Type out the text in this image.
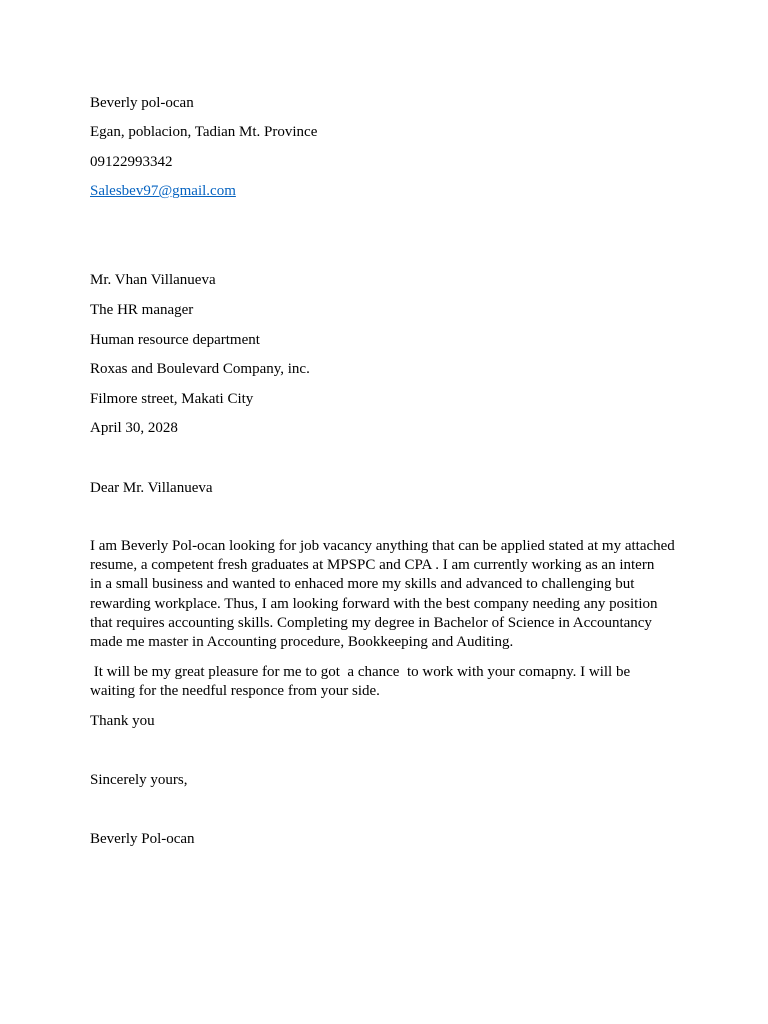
Beverly pol-ocan
Egan, poblacion, Tadian Mt. Province
09122993342
Salesbev97@gmail.com
Mr. Vhan Villanueva
The HR manager
Human resource department
Roxas and Boulevard Company, inc.
Filmore street, Makati City
April 30, 2028
Dear Mr. Villanueva
I am Beverly Pol-ocan looking for job vacancy anything that can be applied stated at my attached
resume, a competent fresh graduates at MPSPC and CPA . I am currently working as an intern
in a small business and wanted to enhaced more my skills and advanced to challenging but
rewarding workplace. Thus, I am looking forward with the best company needing any position
that requires accounting skills. Completing my degree in Bachelor of Science in Accountancy
made me master in Accounting procedure, Bookkeeping and Auditing.
It will be my great pleasure for me to got  a chance  to work with your comapny. I will be
waiting for the needful responce from your side.
Thank you
Sincerely yours,
Beverly Pol-ocan
